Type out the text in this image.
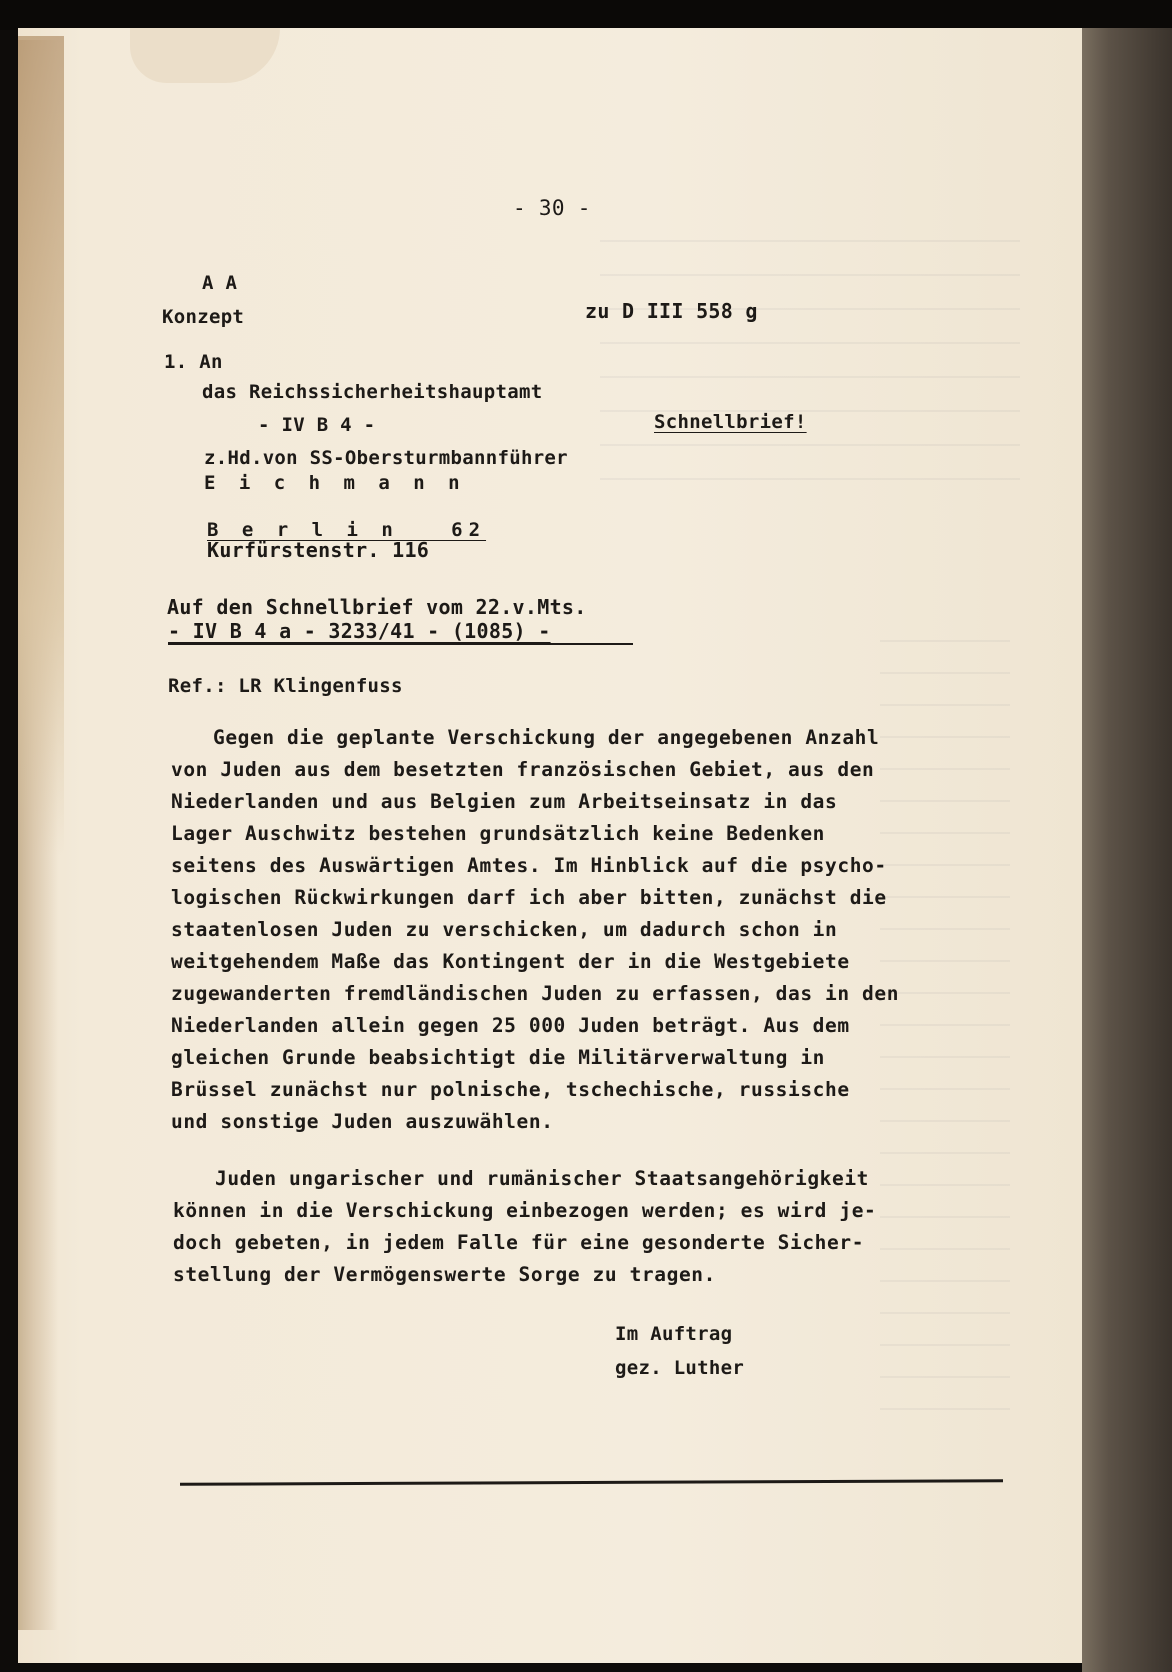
- 30 -
A A
Konzept	zu D III 558 g
1. An
das Reichssicherheitshauptamt
- IV B 4 -	Schnellbrief!
z.Hd.von SS-Obersturmbannführer
E i c h m a n n
B e r l i n   62
Kurfürstenstr. 116
Auf den Schnellbrief vom 22.v.Mts.
- IV B 4 a - 3233/41 - (1085) -
Ref.: LR Klingenfuss
Gegen die geplante Verschickung der angegebenen Anzahl
von Juden aus dem besetzten französischen Gebiet, aus den
Niederlanden und aus Belgien zum Arbeitseinsatz in das
Lager Auschwitz bestehen grundsätzlich keine Bedenken
seitens des Auswärtigen Amtes. Im Hinblick auf die psycho-
logischen Rückwirkungen darf ich aber bitten, zunächst die
staatenlosen Juden zu verschicken, um dadurch schon in
weitgehendem Maße das Kontingent der in die Westgebiete
zugewanderten fremdländischen Juden zu erfassen, das in den
Niederlanden allein gegen 25 000 Juden beträgt. Aus dem
gleichen Grunde beabsichtigt die Militärverwaltung in
Brüssel zunächst nur polnische, tschechische, russische
und sonstige Juden auszuwählen.
Juden ungarischer und rumänischer Staatsangehörigkeit
können in die Verschickung einbezogen werden; es wird je-
doch gebeten, in jedem Falle für eine gesonderte Sicher-
stellung der Vermögenswerte Sorge zu tragen.
Im Auftrag
gez. Luther
